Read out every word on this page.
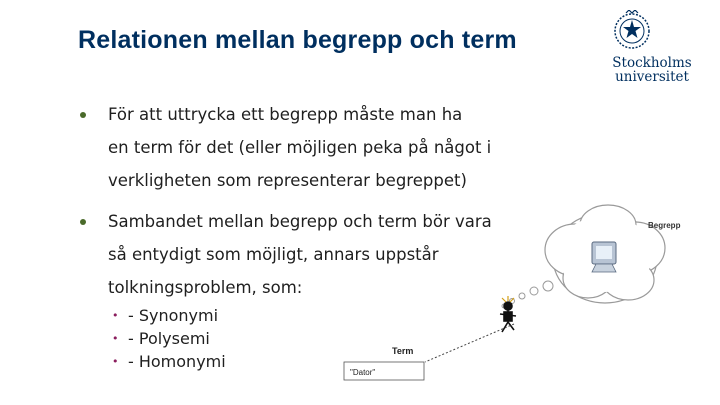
Relationen mellan begrepp och term
Stockholms
universitet
För att uttrycka ett begrepp måste man ha
en term för det (eller möjligen peka på något i
verkligheten som representerar begreppet)
Sambandet mellan begrepp och term bör vara
så entydigt som möjligt, annars uppstår
tolkningsproblem, som:
• - Synonymi
• - Polysemi
• - Homonymi
Begrepp
Term
"Dator"
